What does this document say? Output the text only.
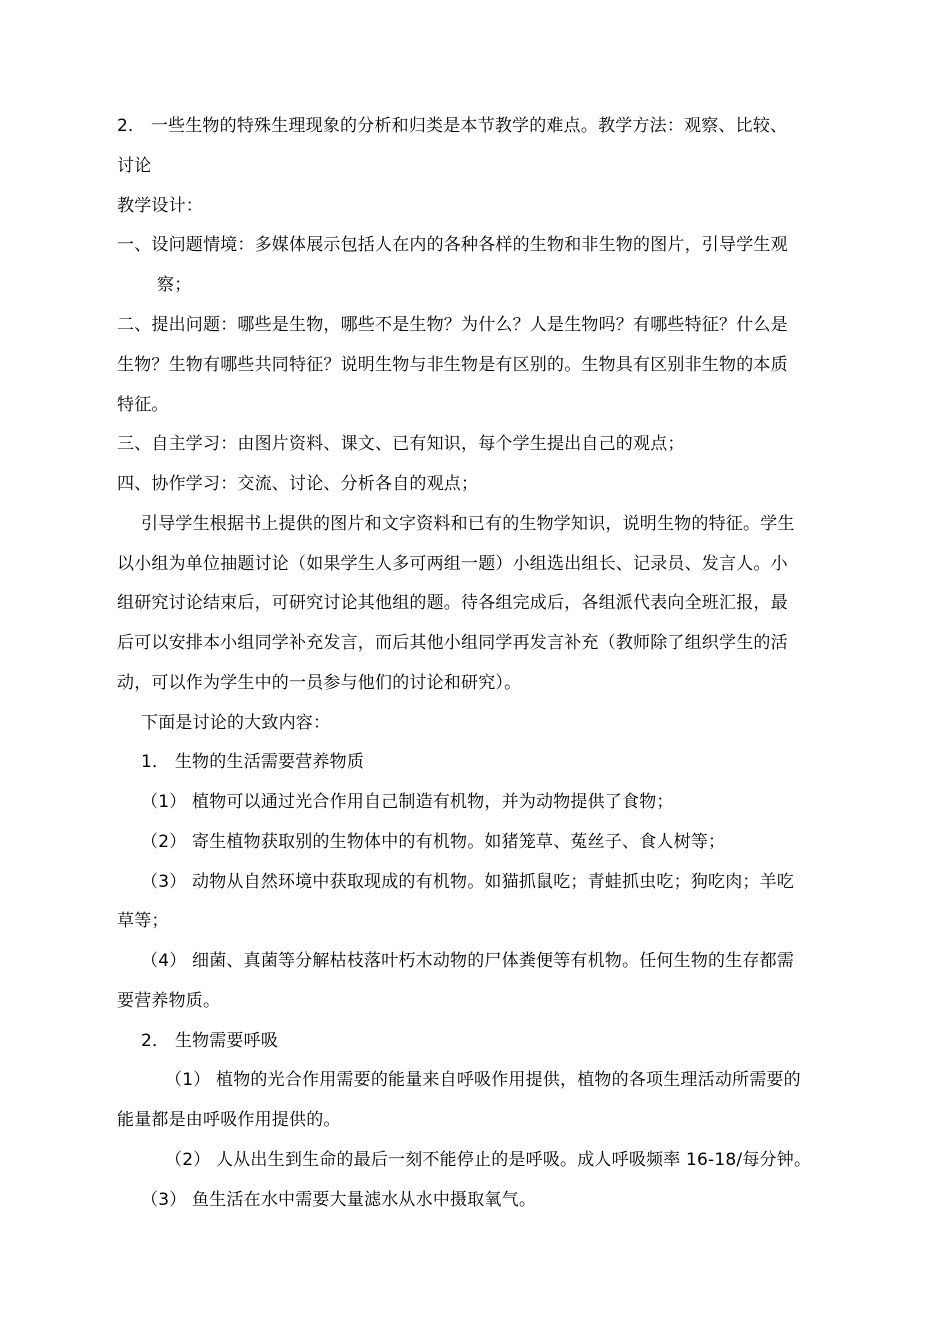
2． 一些生物的特殊生理现象的分析和归类是本节教学的难点。教学方法：观察、比较、
讨论
教学设计：
一、设问题情境：多媒体展示包括人在内的各种各样的生物和非生物的图片，引导学生观
察；
二、提出问题：哪些是生物，哪些不是生物？为什么？人是生物吗？有哪些特征？什么是
生物？生物有哪些共同特征？说明生物与非生物是有区别的。生物具有区别非生物的本质
特征。
三、自主学习：由图片资料、课文、已有知识，每个学生提出自己的观点；
四、协作学习：交流、讨论、分析各自的观点；
引导学生根据书上提供的图片和文字资料和已有的生物学知识，说明生物的特征。学生
以小组为单位抽题讨论（如果学生人多可两组一题）小组选出组长、记录员、发言人。小
组研究讨论结束后，可研究讨论其他组的题。待各组完成后，各组派代表向全班汇报，最
后可以安排本小组同学补充发言，而后其他小组同学再发言补充（教师除了组织学生的活
动，可以作为学生中的一员参与他们的讨论和研究）。
下面是讨论的大致内容：
1． 生物的生活需要营养物质
（1） 植物可以通过光合作用自己制造有机物，并为动物提供了食物；
（2） 寄生植物获取别的生物体中的有机物。如猪笼草、菟丝子、食人树等；
（3） 动物从自然环境中获取现成的有机物。如猫抓鼠吃；青蛙抓虫吃；狗吃肉；羊吃
草等；
（4） 细菌、真菌等分解枯枝落叶朽木动物的尸体粪便等有机物。任何生物的生存都需
要营养物质。
2． 生物需要呼吸
（1） 植物的光合作用需要的能量来自呼吸作用提供，植物的各项生理活动所需要的
能量都是由呼吸作用提供的。
（2） 人从出生到生命的最后一刻不能停止的是呼吸。成人呼吸频率 16-18/每分钟。
（3） 鱼生活在水中需要大量滤水从水中摄取氧气。
